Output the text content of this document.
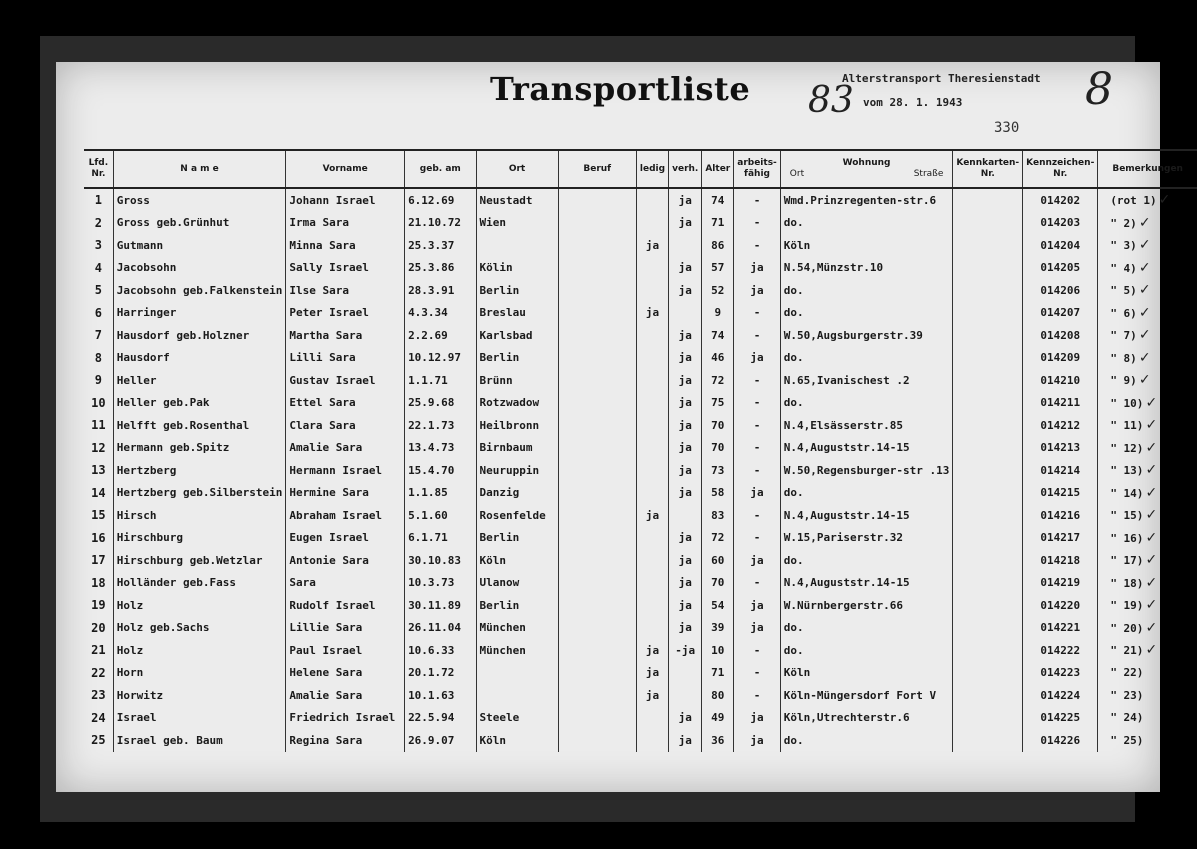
Transportliste	Alterstransport Theresienstadt
vom 28. 1. 1943
83	8
330
Lfd. Nr.	N a m e	Vorname	geb. am	Ort	Beruf	ledig	verh.	Alter	arbeits-fähig	Wohnung
Ort Straße	Kennkarten-Nr.	Kennzeichen-Nr.	Bemerkungen
1	Gross	Johann Israel	6.12.69	Neustadt			ja	74	-	Wmd.Prinzregenten-str.6		014202	(rot 1) ✓
2	Gross geb.Grünhut	Irma Sara	21.10.72	Wien			ja	71	-	do.		014203	" 2) ✓
3	Gutmann	Minna Sara	25.3.37			ja		86	-	Köln		014204	" 3) ✓
4	Jacobsohn	Sally Israel	25.3.86	Kölin			ja	57	ja	N.54,Münzstr.10		014205	" 4) ✓
5	Jacobsohn geb.Falkenstein	Ilse Sara	28.3.91	Berlin			ja	52	ja	do.		014206	" 5) ✓
6	Harringer	Peter Israel	4.3.34	Breslau		ja		9	-	do.		014207	" 6) ✓
7	Hausdorf geb.Holzner	Martha Sara	2.2.69	Karlsbad			ja	74	-	W.50,Augsburgerstr.39		014208	" 7) ✓
8	Hausdorf	Lilli Sara	10.12.97	Berlin			ja	46	ja	do.		014209	" 8) ✓
9	Heller	Gustav Israel	1.1.71	Brünn			ja	72	-	N.65,Ivanischest .2		014210	" 9) ✓
10	Heller geb.Pak	Ettel Sara	25.9.68	Rotzwadow			ja	75	-	do.		014211	" 10) ✓
11	Helfft geb.Rosenthal	Clara Sara	22.1.73	Heilbronn			ja	70	-	N.4,Elsässerstr.85		014212	" 11) ✓
12	Hermann geb.Spitz	Amalie Sara	13.4.73	Birnbaum			ja	70	-	N.4,Auguststr.14-15		014213	" 12) ✓
13	Hertzberg	Hermann Israel	15.4.70	Neuruppin			ja	73	-	W.50,Regensburger-str .13		014214	" 13) ✓
14	Hertzberg geb.Silberstein	Hermine Sara	1.1.85	Danzig			ja	58	ja	do.		014215	" 14) ✓
15	Hirsch	Abraham Israel	5.1.60	Rosenfelde		ja		83	-	N.4,Auguststr.14-15		014216	" 15) ✓
16	Hirschburg	Eugen Israel	6.1.71	Berlin			ja	72	-	W.15,Pariserstr.32		014217	" 16) ✓
17	Hirschburg geb.Wetzlar	Antonie Sara	30.10.83	Köln			ja	60	ja	do.		014218	" 17) ✓
18	Holländer geb.Fass	Sara	10.3.73	Ulanow			ja	70	-	N.4,Auguststr.14-15		014219	" 18) ✓
19	Holz	Rudolf Israel	30.11.89	Berlin			ja	54	ja	W.Nürnbergerstr.66		014220	" 19) ✓
20	Holz geb.Sachs	Lillie Sara	26.11.04	München			ja	39	ja	do.		014221	" 20) ✓
21	Holz	Paul Israel	10.6.33	München		ja	-ja	10	-	do.		014222	" 21) ✓
22	Horn	Helene Sara	20.1.72			ja		71	-	Köln		014223	" 22)
23	Horwitz	Amalie Sara	10.1.63			ja		80	-	Köln-Müngersdorf Fort V		014224	" 23)
24	Israel	Friedrich Israel	22.5.94	Steele			ja	49	ja	Köln,Utrechterstr.6		014225	" 24)
25	Israel geb. Baum	Regina Sara	26.9.07	Köln			ja	36	ja	do.		014226	" 25)
